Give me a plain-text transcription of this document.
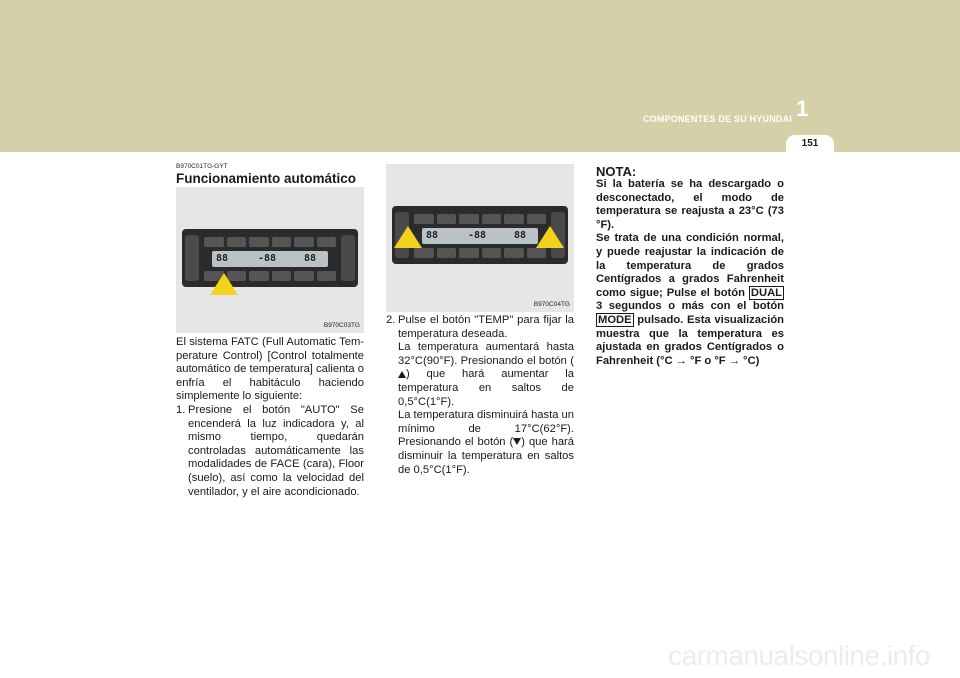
1
COMPONENTES DE SU HYUNDAI
151
B970C01TG-GYT
Funcionamiento automático
88	-88	88
B970C03TG
88	-88	88
B970C04TG

El sistema FATC (Full Automatic Tem-perature Control) [Control totalmente automático de temperatura] calienta o enfría el habitáculo haciendo simplemente lo siguiente:

1. Presione el botón "AUTO" Se encenderá la luz indicadora y, al mismo tiempo, quedarán controladas automáticamente las modalidades de FACE (cara), Floor (suelo), así como la velocidad del ventilador, y el aire acondicionado.
2. Pulse el botón "TEMP" para fijar la temperatura deseada.
La temperatura aumentará hasta 32°C(90°F). Presionando el botón () que hará aumentar la temperatura en saltos de 0,5°C(1°F).
La temperatura disminuirá hasta un mínimo de 17°C(62°F). Presionando el botón ( ) que hará disminuir la temperatura en saltos de 0,5°C(1°F).
NOTA:
Si la batería se ha descargado o desconectado, el modo de temperatura se reajusta a 23°C (73 °F).
Se trata de una condición normal, y puede reajustar la indicación de la temperatura de grados Centígrados a grados Fahrenheit como sigue; Pulse el botón DUAL 3 segundos o más con el botón MODE pulsado. Esta visualización muestra que la temperatura es ajustada en grados Centígrados o Fahrenheit (°C → °F o °F → °C)
carmanualsonline.info
